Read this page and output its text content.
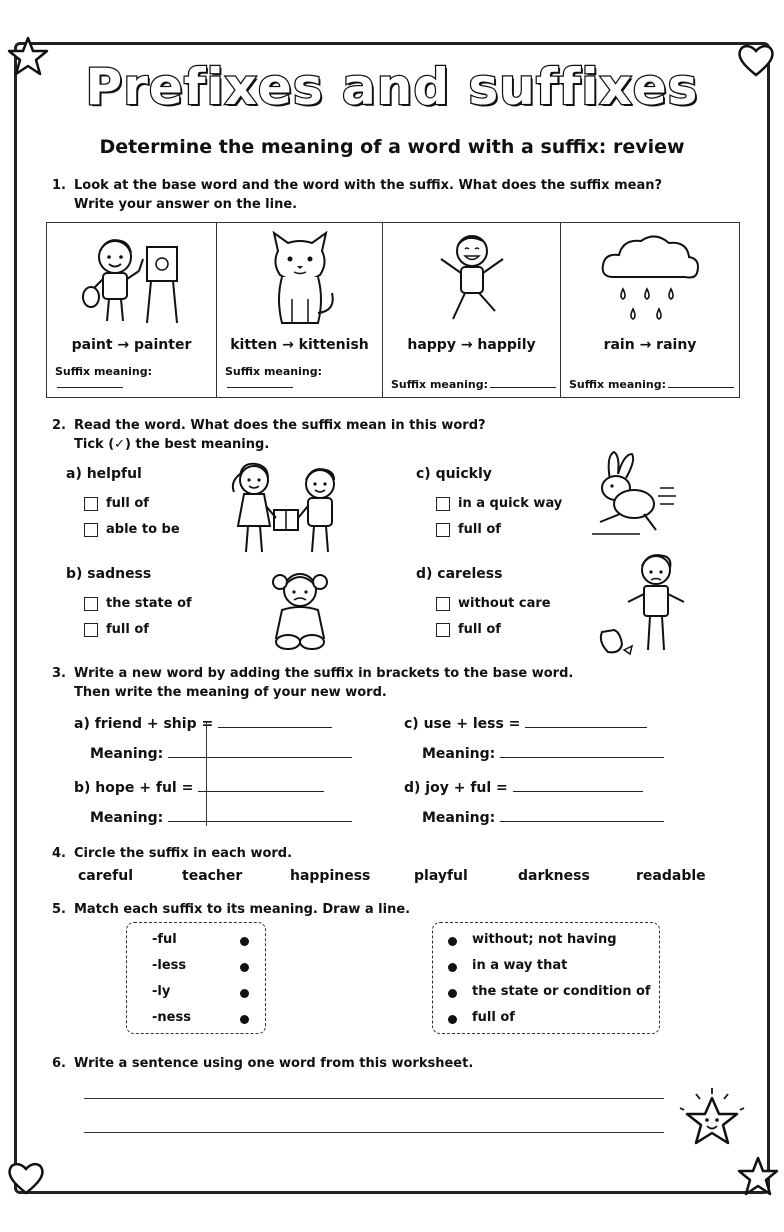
Prefixes and suffixes
Determine the meaning of a word with a suffix: review
1. Look at the base word and the word with the suffix. What does the suffix mean?
Write your answer on the line.
paint → painter
Suffix meaning:

kitten → kittenish
Suffix meaning:

happy → happily
Suffix meaning:

rain → rainy
Suffix meaning:
2. Read the word. What does the suffix mean in this word?
Tick (✓) the best meaning.
a) helpful
full of
able to be
c) quickly
in a quick way
full of
b) sadness
the state of
full of
d) careless
without care
full of
3. Write a new word by adding the suffix in brackets to the base word.
Then write the meaning of your new word.
a) friend + ship =
Meaning:
c) use + less =
Meaning:
b) hope + ful =
Meaning:
d) joy + ful =
Meaning:
4. Circle the suffix in each word.
careful	teacher	happiness	playful	darkness	readable
5. Match each suffix to its meaning. Draw a line.
-ful
-less
-ly
-ness
without; not having
in a way that
the state or condition of
full of
6. Write a sentence using one word from this worksheet.
